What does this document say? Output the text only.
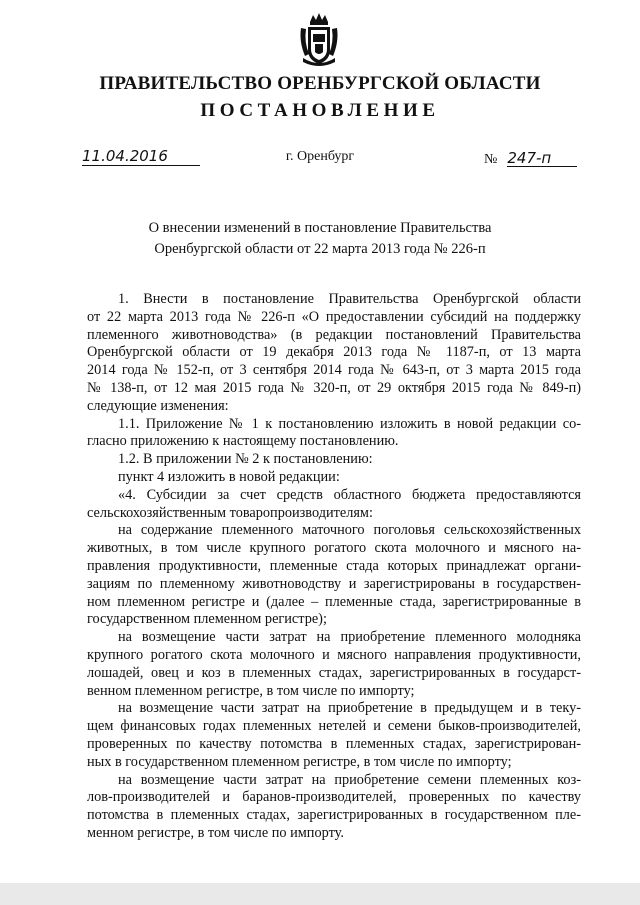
ПРАВИТЕЛЬСТВО ОРЕНБУРГСКОЙ ОБЛАСТИ
ПОСТАНОВЛЕНИЕ
11.04.2016	г. Оренбург	№ 247-п
О внесении изменений в постановление Правительства
Оренбургской области от 22 марта 2013 года № 226-п

1. Внести в постановление Правительства Оренбургской области

от 22 марта 2013 года № 226-п «О предоставлении субсидий на поддержку

племенного животноводства» (в редакции постановлений Правительства

Оренбургской области от 19 декабря 2013 года № 1187-п, от 13 марта

2014 года № 152-п, от 3 сентября 2014 года № 643-п, от 3 марта 2015 года

№ 138-п, от 12 мая 2015 года № 320-п, от 29 октября 2015 года № 849-п)

следующие изменения:

1.1. Приложение № 1 к постановлению изложить в новой редакции со-

гласно приложению к настоящему постановлению.

1.2. В приложении № 2 к постановлению:

пункт 4 изложить в новой редакции:

«4. Субсидии за счет средств областного бюджета предоставляются

сельскохозяйственным товаропроизводителям:

на содержание племенного маточного поголовья сельскохозяйственных

животных, в том числе крупного рогатого скота молочного и мясного на-

правления продуктивности, племенные стада которых принадлежат органи-

зациям по племенному животноводству и зарегистрированы в государствен-

ном племенном регистре и (далее – племенные стада, зарегистрированные в

государственном племенном регистре);

на возмещение части затрат на приобретение племенного молодняка

крупного рогатого скота молочного и мясного направления продуктивности,

лошадей, овец и коз в племенных стадах, зарегистрированных в государст-

венном племенном регистре, в том числе по импорту;

на возмещение части затрат на приобретение в предыдущем и в теку-

щем финансовых годах племенных нетелей и семени быков-производителей,

проверенных по качеству потомства в племенных стадах, зарегистрирован-

ных в государственном племенном регистре, в том числе по импорту;

на возмещение части затрат на приобретение семени племенных коз-

лов-производителей и баранов-производителей, проверенных по качеству

потомства в племенных стадах, зарегистрированных в государственном пле-

менном регистре, в том числе по импорту.
